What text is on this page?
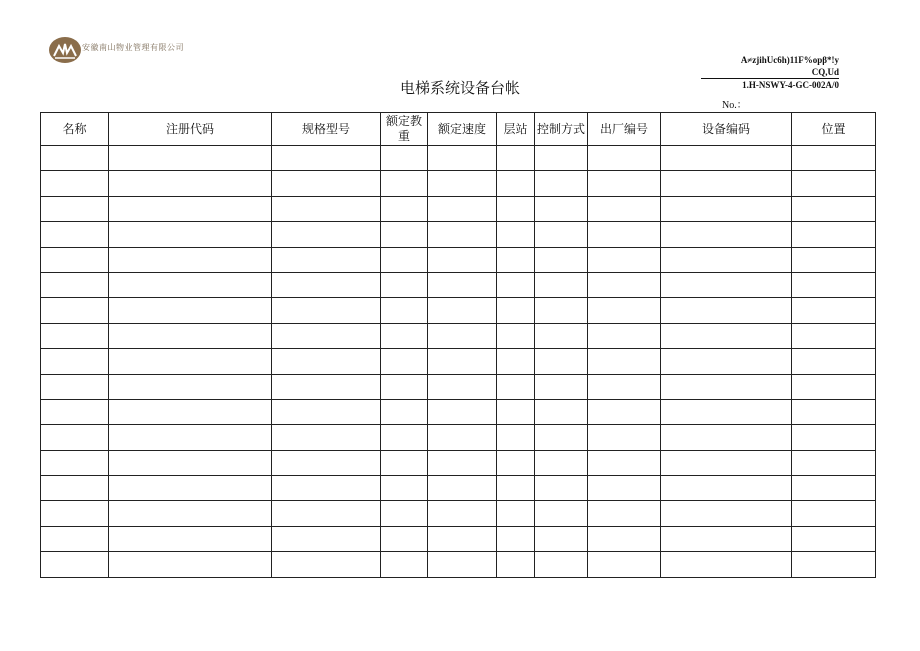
安徽南山物业管理有限公司
A≠zjihUc6h)11F%opβ*!y
CQ,Ud
1.H-NSWY-4-GC-002A/0
电梯系统设备台帐
No.：
名称	注册代码	规格型号	额定教重	额定速度	层站	控制方式	出厂编号	设备编码	位置
